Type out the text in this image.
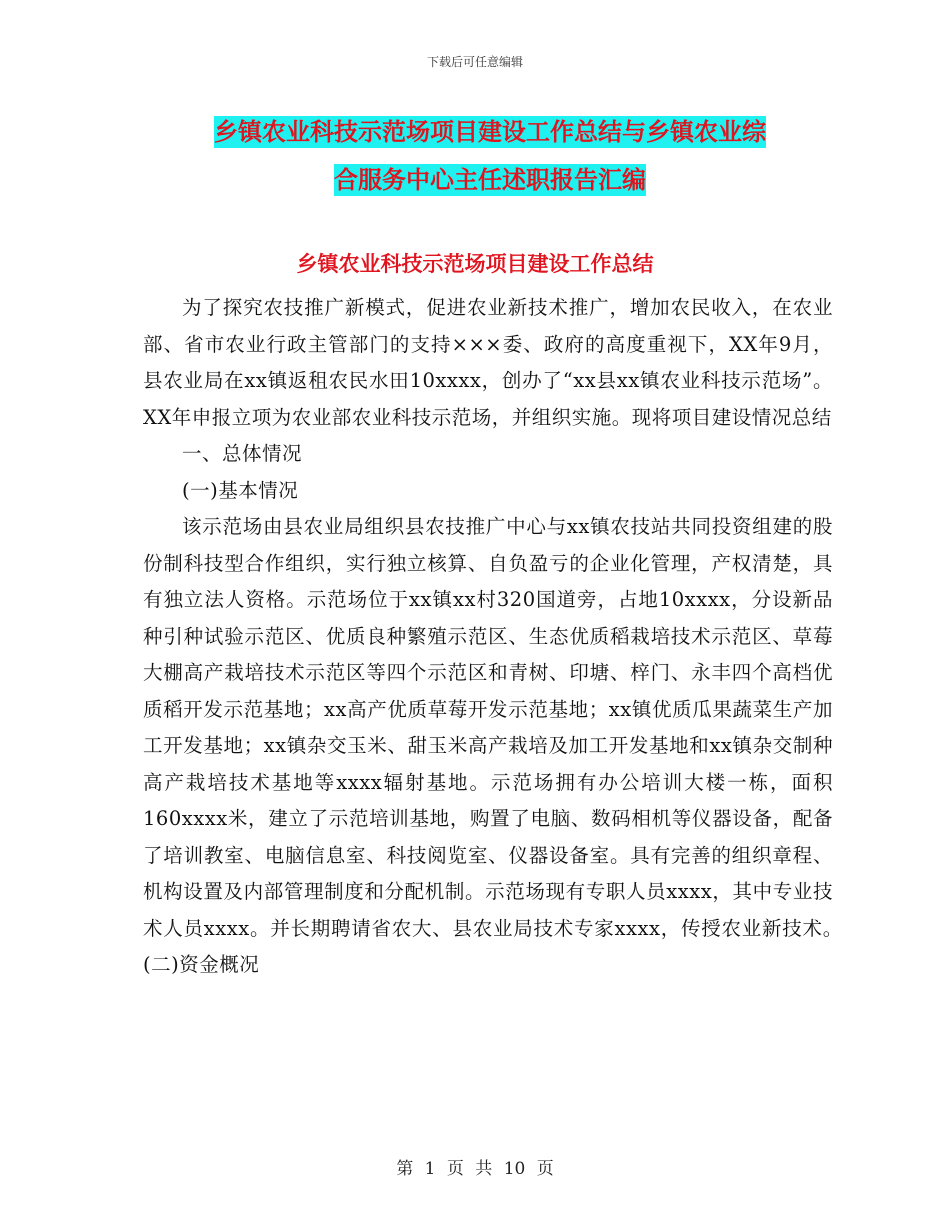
下载后可任意编辑
乡镇农业科技示范场项目建设工作总结与乡镇农业综
合服务中心主任述职报告汇编
乡镇农业科技示范场项目建设工作总结

为了探究农技推广新模式，促进农业新技术推广，增加农民收入，在农业部、省市农业行政主管部门的支持×××委、政府的高度重视下，XX年9月，县农业局在xx镇返租农民水田10xxxx，创办了“xx县xx镇农业科技示范场”。XX年申报立项为农业部农业科技示范场，并组织实施。现将项目建设情况总结

一、总体情况

(一)基本情况

该示范场由县农业局组织县农技推广中心与xx镇农技站共同投资组建的股份制科技型合作组织，实行独立核算、自负盈亏的企业化管理，产权清楚，具有独立法人资格。示范场位于xx镇xx村320国道旁，占地10xxxx，分设新品种引种试验示范区、优质良种繁殖示范区、生态优质稻栽培技术示范区、草莓大棚高产栽培技术示范区等四个示范区和青树、印塘、梓门、永丰四个高档优质稻开发示范基地；xx高产优质草莓开发示范基地；xx镇优质瓜果蔬菜生产加工开发基地；xx镇杂交玉米、甜玉米高产栽培及加工开发基地和xx镇杂交制种高产栽培技术基地等xxxx辐射基地。示范场拥有办公培训大楼一栋，面积160xxxx米，建立了示范培训基地，购置了电脑、数码相机等仪器设备，配备了培训教室、电脑信息室、科技阅览室、仪器设备室。具有完善的组织章程、机构设置及内部管理制度和分配机制。示范场现有专职人员xxxx，其中专业技术人员xxxx。并长期聘请省农大、县农业局技术专家xxxx，传授农业新技术。　　　(二)资金概况

第 1 页 共 10 页
